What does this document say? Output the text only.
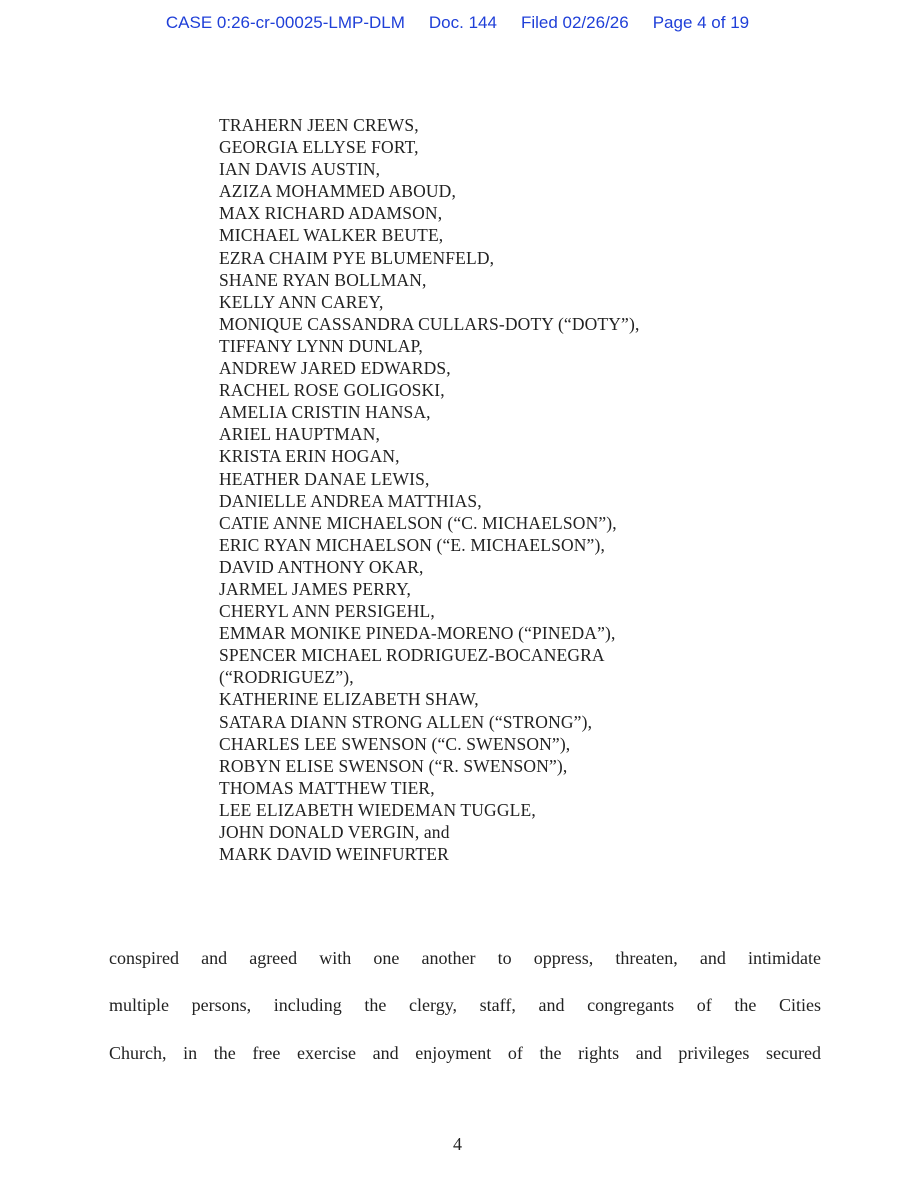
CASE 0:26-cr-00025-LMP-DLM Doc. 144 Filed 02/26/26 Page 4 of 19
TRAHERN JEEN CREWS,
GEORGIA ELLYSE FORT,
IAN DAVIS AUSTIN,
AZIZA MOHAMMED ABOUD,
MAX RICHARD ADAMSON,
MICHAEL WALKER BEUTE,
EZRA CHAIM PYE BLUMENFELD,
SHANE RYAN BOLLMAN,
KELLY ANN CAREY,
MONIQUE CASSANDRA CULLARS-DOTY (“DOTY”),
TIFFANY LYNN DUNLAP,
ANDREW JARED EDWARDS,
RACHEL ROSE GOLIGOSKI,
AMELIA CRISTIN HANSA,
ARIEL HAUPTMAN,
KRISTA ERIN HOGAN,
HEATHER DANAE LEWIS,
DANIELLE ANDREA MATTHIAS,
CATIE ANNE MICHAELSON (“C. MICHAELSON”),
ERIC RYAN MICHAELSON (“E. MICHAELSON”),
DAVID ANTHONY OKAR,
JARMEL JAMES PERRY,
CHERYL ANN PERSIGEHL,
EMMAR MONIKE PINEDA-MORENO (“PINEDA”),
SPENCER MICHAEL RODRIGUEZ-BOCANEGRA
(“RODRIGUEZ”),
KATHERINE ELIZABETH SHAW,
SATARA DIANN STRONG ALLEN (“STRONG”),
CHARLES LEE SWENSON (“C. SWENSON”),
ROBYN ELISE SWENSON (“R. SWENSON”),
THOMAS MATTHEW TIER,
LEE ELIZABETH WIEDEMAN TUGGLE,
JOHN DONALD VERGIN, and
MARK DAVID WEINFURTER
conspired and agreed with one another to oppress, threaten, and intimidate
multiple persons, including the clergy, staff, and congregants of the Cities
Church, in the free exercise and enjoyment of the rights and privileges secured
4
